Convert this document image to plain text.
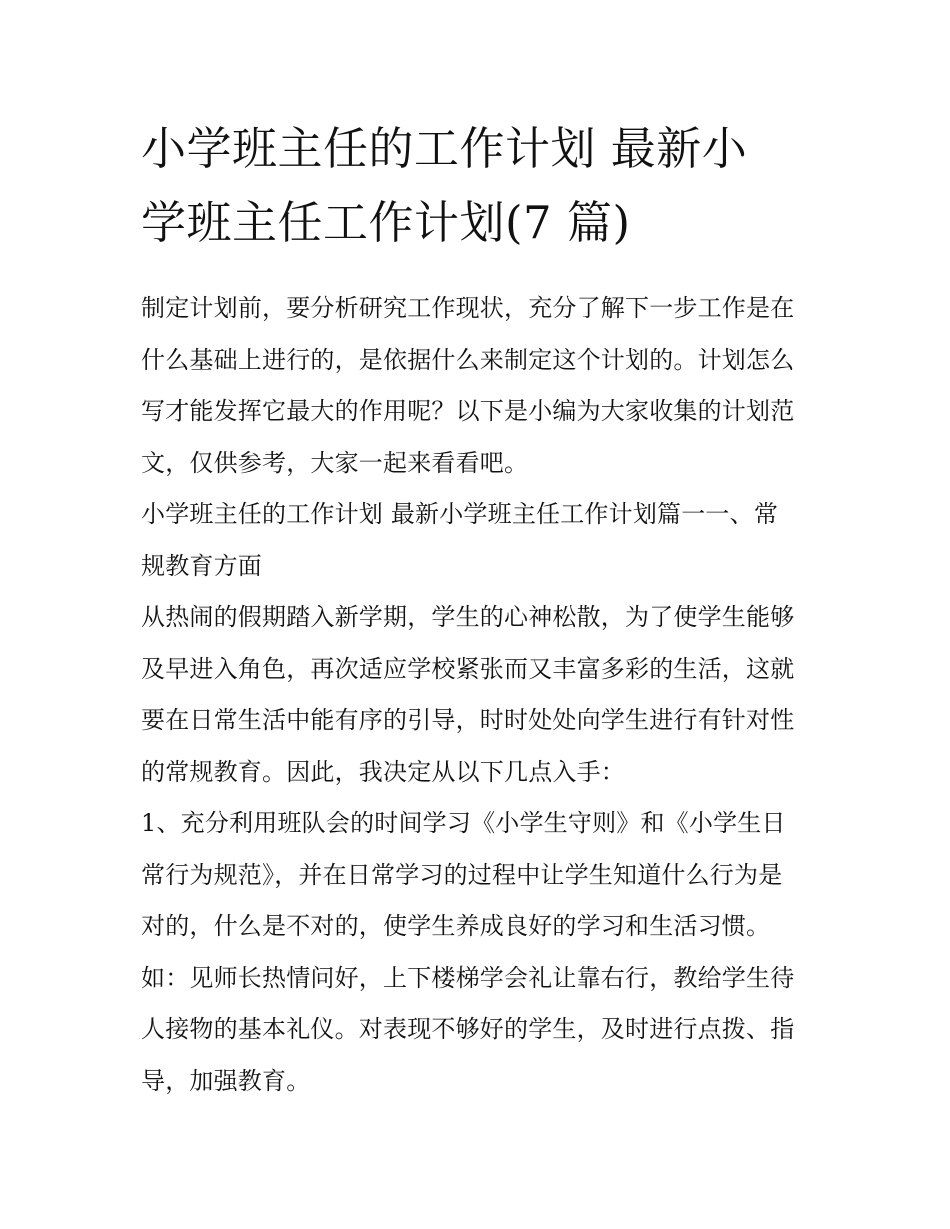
小学班主任的工作计划 最新小
学班主任工作计划(7 篇)

制定计划前，要分析研究工作现状，充分了解下一步工作是在
什么基础上进行的，是依据什么来制定这个计划的。计划怎么
写才能发挥它最大的作用呢？以下是小编为大家收集的计划范
文，仅供参考，大家一起来看看吧。

小学班主任的工作计划 最新小学班主任工作计划篇一一、常
规教育方面

从热闹的假期踏入新学期，学生的心神松散，为了使学生能够
及早进入角色，再次适应学校紧张而又丰富多彩的生活，这就
要在日常生活中能有序的引导，时时处处向学生进行有针对性
的常规教育。因此，我决定从以下几点入手：

1、充分利用班队会的时间学习《小学生守则》和《小学生日
常行为规范》，并在日常学习的过程中让学生知道什么行为是
对的，什么是不对的，使学生养成良好的学习和生活习惯。
如：见师长热情问好，上下楼梯学会礼让靠右行，教给学生待
人接物的基本礼仪。对表现不够好的学生，及时进行点拨、指
导，加强教育。
